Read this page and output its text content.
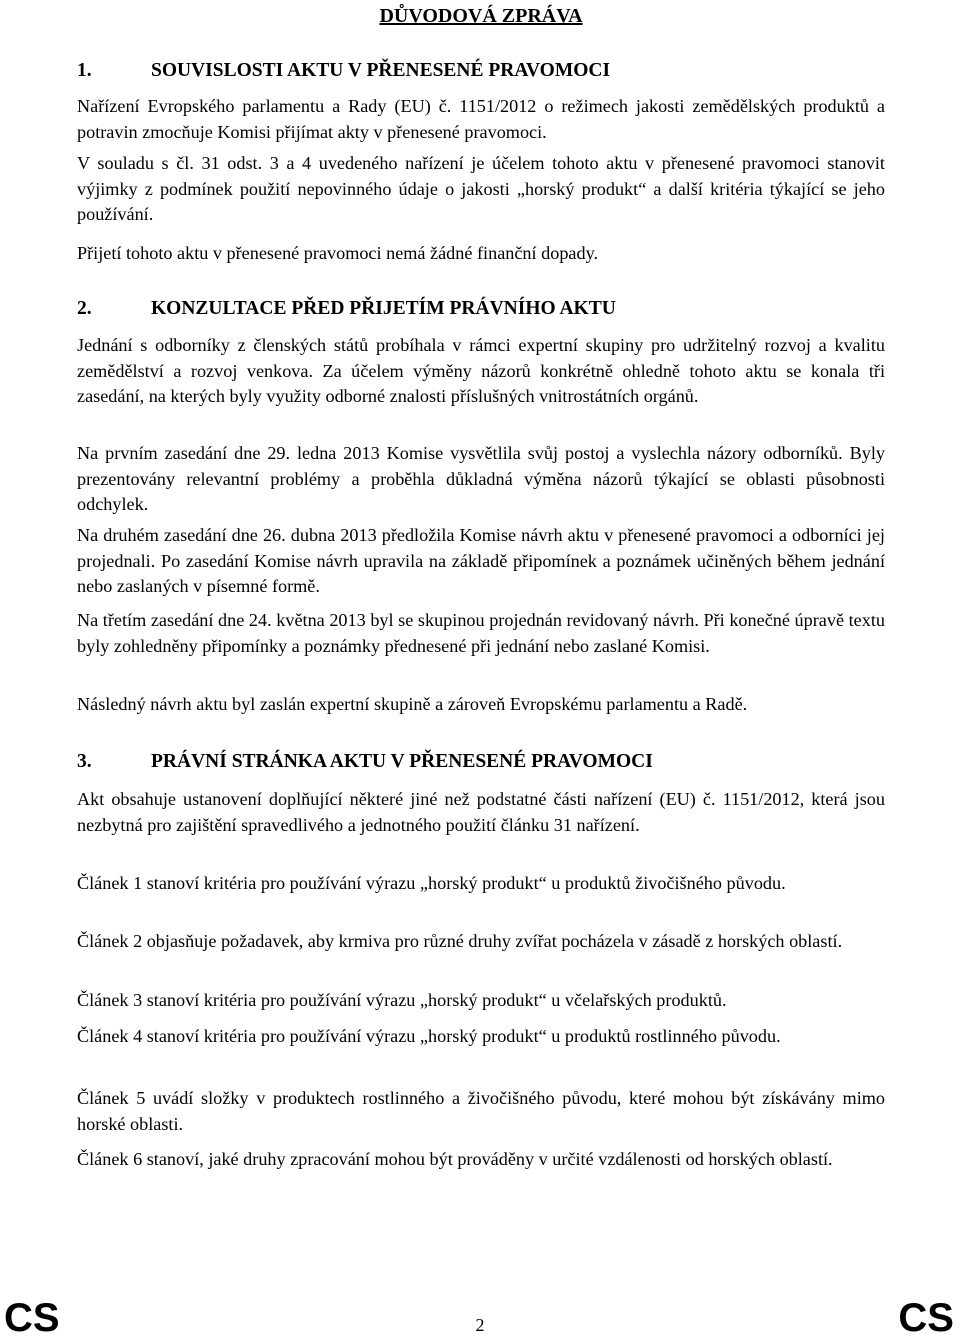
DŮVODOVÁ ZPRÁVA
1.	SOUVISLOSTI AKTU V PŘENESENÉ PRAVOMOCI

Nařízení Evropského parlamentu a Rady (EU) č. 1151/2012 o režimech jakosti zemědělských produktů a potravin zmocňuje Komisi přijímat akty v přenesené pravomoci.

V souladu s čl. 31 odst. 3 a 4 uvedeného nařízení je účelem tohoto aktu v přenesené pravomoci stanovit výjimky z podmínek použití nepovinného údaje o jakosti „horský produkt“ a další kritéria týkající se jeho používání.

Přijetí tohoto aktu v přenesené pravomoci nemá žádné finanční dopady.

2.	KONZULTACE PŘED PŘIJETÍM PRÁVNÍHO AKTU

Jednání s odborníky z členských států probíhala v rámci expertní skupiny pro udržitelný rozvoj a kvalitu zemědělství a rozvoj venkova. Za účelem výměny názorů konkrétně ohledně tohoto aktu se konala tři zasedání, na kterých byly využity odborné znalosti příslušných vnitrostátních orgánů.

Na prvním zasedání dne 29. ledna 2013 Komise vysvětlila svůj postoj a vyslechla názory odborníků. Byly prezentovány relevantní problémy a proběhla důkladná výměna názorů týkající se oblasti působnosti odchylek.

Na druhém zasedání dne 26. dubna 2013 předložila Komise návrh aktu v přenesené pravomoci a odborníci jej projednali. Po zasedání Komise návrh upravila na základě připomínek a poznámek učiněných během jednání nebo zaslaných v písemné formě.

Na třetím zasedání dne 24. května 2013 byl se skupinou projednán revidovaný návrh. Při konečné úpravě textu byly zohledněny připomínky a poznámky přednesené při jednání nebo zaslané Komisi.

Následný návrh aktu byl zaslán expertní skupině a zároveň Evropskému parlamentu a Radě.

3.	PRÁVNÍ STRÁNKA AKTU V PŘENESENÉ PRAVOMOCI

Akt obsahuje ustanovení doplňující některé jiné než podstatné části nařízení (EU) č. 1151/2012, která jsou nezbytná pro zajištění spravedlivého a jednotného použití článku 31 nařízení.

Článek 1 stanoví kritéria pro používání výrazu „horský produkt“ u produktů živočišného původu.

Článek 2 objasňuje požadavek, aby krmiva pro různé druhy zvířat pocházela v zásadě z horských oblastí.

Článek 3 stanoví kritéria pro používání výrazu „horský produkt“ u včelařských produktů.

Článek 4 stanoví kritéria pro používání výrazu „horský produkt“ u produktů rostlinného původu.

Článek 5 uvádí složky v produktech rostlinného a živočišného původu, které mohou být získávány mimo horské oblasti.

Článek 6 stanoví, jaké druhy zpracování mohou být prováděny v určité vzdálenosti od horských oblastí.

CS	2	CS
